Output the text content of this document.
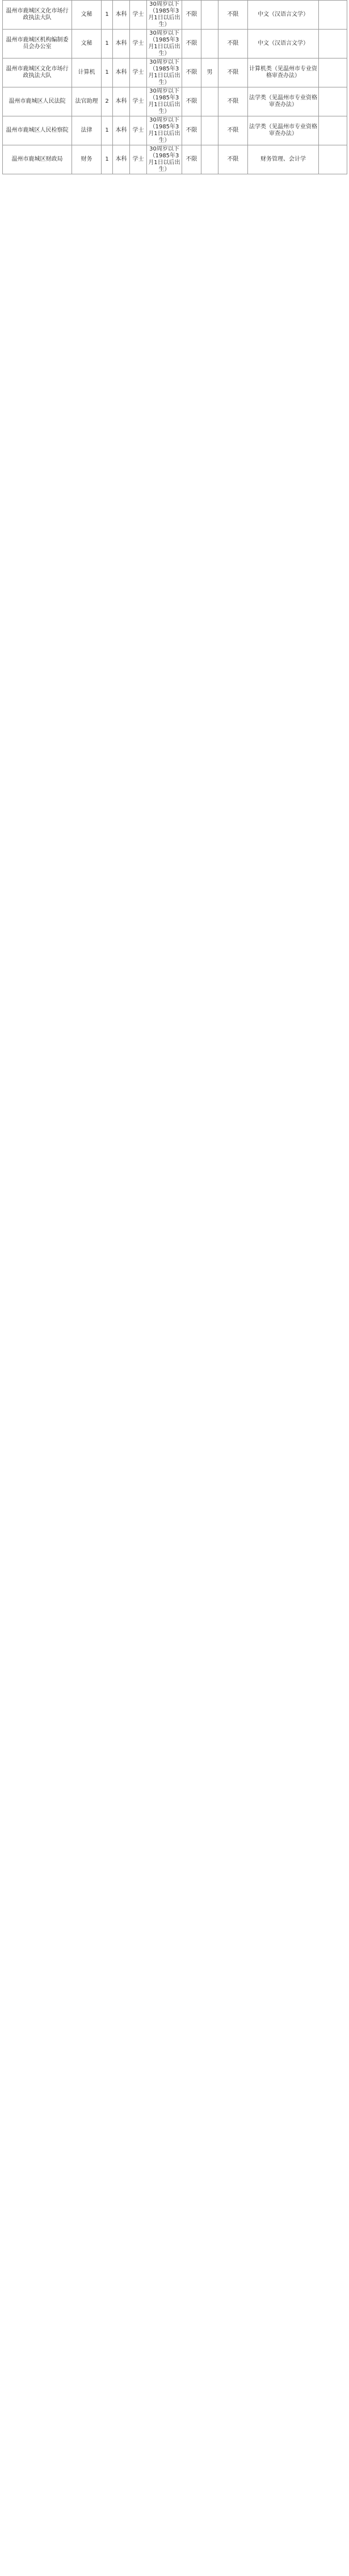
温州市鹿城区文化市场行政执法大队	文秘	1	本科	学士	30周岁以下（1985年3月1日以后出生）	不限		不限	中文（汉语言文学）	
温州市鹿城区机构编制委员会办公室	文秘	1	本科	学士	30周岁以下（1985年3月1日以后出生）	不限		不限	中文（汉语言文学）	
温州市鹿城区文化市场行政执法大队	计算机	1	本科	学士	30周岁以下（1985年3月1日以后出生）	不限	男	不限	计算机类（见温州市专业资格审查办法）	
温州市鹿城区人民法院	法官助理	2	本科	学士	30周岁以下（1985年3月1日以后出生）	不限		不限	法学类（见温州市专业资格审查办法）	
温州市鹿城区人民检察院	法律	1	本科	学士	30周岁以下（1985年3月1日以后出生）	不限		不限	法学类（见温州市专业资格审查办法）	
温州市鹿城区财政局	财务	1	本科	学士	30周岁以下（1985年3月1日以后出生）	不限		不限	财务管理、会计学	
